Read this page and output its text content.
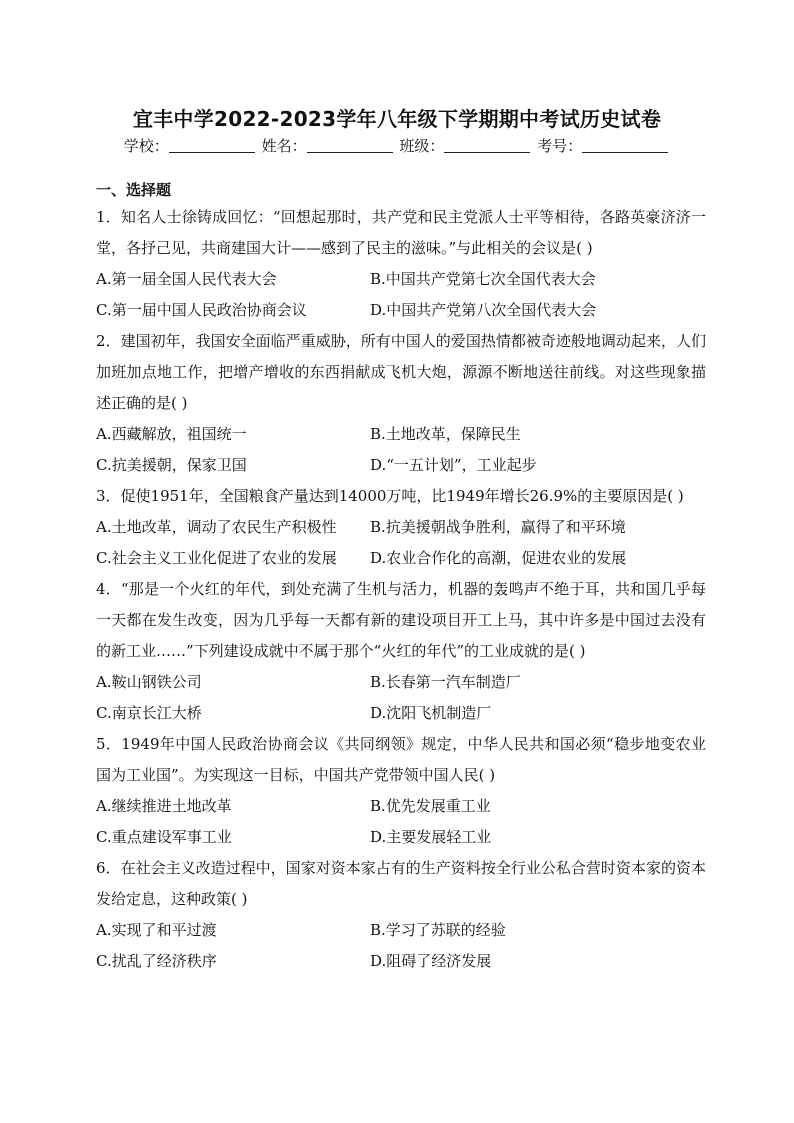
宜丰中学2022-2023学年八年级下学期期中考试历史试卷
学校：	姓名：	班级：	考号：
一、选择题

1．知名人士徐铸成回忆：“回想起那时，共产党和民主党派人士平等相待，各路英豪济济一堂，各抒己见，共商建国大计——感到了民主的滋味。”与此相关的会议是( )

A.第一届全国人民代表大会	B.中国共产党第七次全国代表大会
C.第一届中国人民政治协商会议	D.中国共产党第八次全国代表大会

2．建国初年，我国安全面临严重威胁，所有中国人的爱国热情都被奇迹般地调动起来，人们加班加点地工作，把增产增收的东西捐献成飞机大炮，源源不断地送往前线。对这些现象描述正确的是( )

A.西藏解放，祖国统一	B.土地改革，保障民生
C.抗美援朝，保家卫国	D.“一五计划”，工业起步

3．促使1951年，全国粮食产量达到14000万吨，比1949年增长26.9%的主要原因是( )

A.土地改革，调动了农民生产积极性	B.抗美援朝战争胜利，赢得了和平环境
C.社会主义工业化促进了农业的发展	D.农业合作化的高潮，促进农业的发展

4．“那是一个火红的年代，到处充满了生机与活力，机器的轰鸣声不绝于耳，共和国几乎每一天都在发生改变，因为几乎每一天都有新的建设项目开工上马，其中许多是中国过去没有的新工业……”下列建设成就中不属于那个“火红的年代”的工业成就的是( )

A.鞍山钢铁公司	B.长春第一汽车制造厂
C.南京长江大桥	D.沈阳飞机制造厂

5．1949年中国人民政治协商会议《共同纲领》规定，中华人民共和国必须“稳步地变农业国为工业国”。为实现这一目标，中国共产党带领中国人民( )

A.继续推进土地改革	B.优先发展重工业
C.重点建设军事工业	D.主要发展轻工业

6．在社会主义改造过程中，国家对资本家占有的生产资料按全行业公私合营时资本家的资本发给定息，这种政策( )

A.实现了和平过渡	B.学习了苏联的经验
C.扰乱了经济秩序	D.阻碍了经济发展
